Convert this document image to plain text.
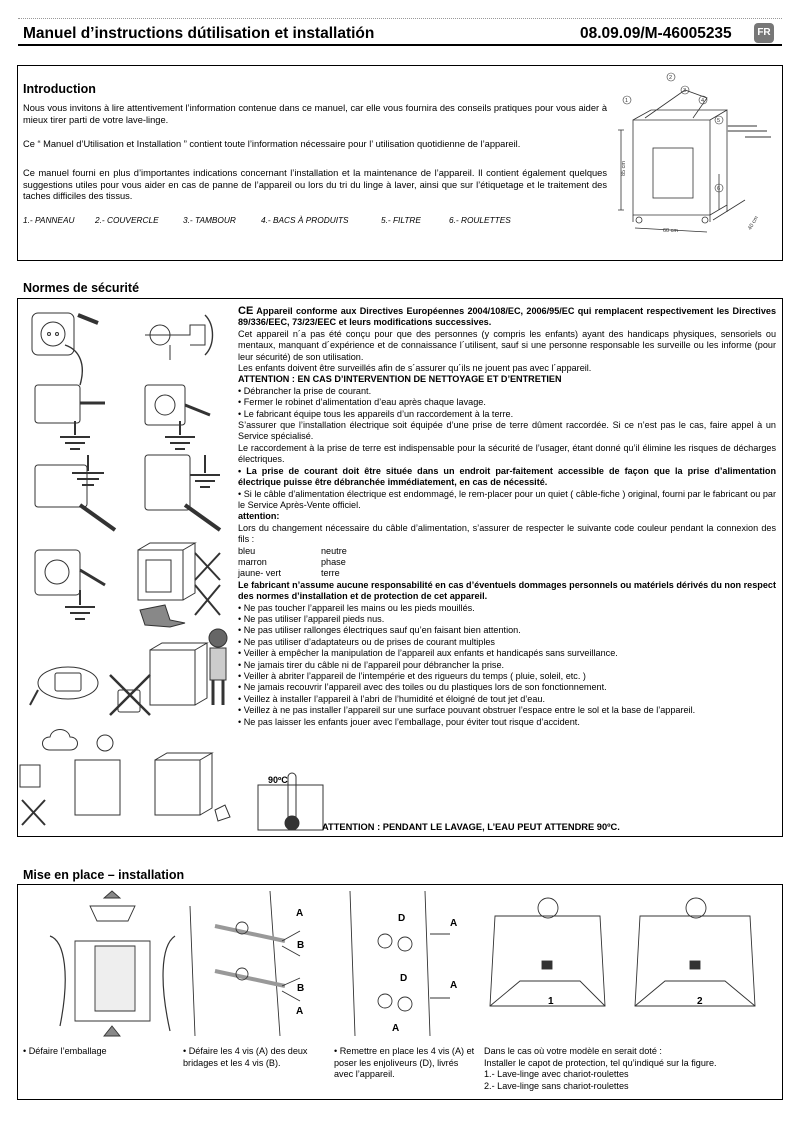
Manuel d’instructions dútilisation et installatión	08.09.09/M-46005235	FR
Introduction
Nous vous invitons à lire attentivement l’information contenue dans ce manuel, car elle vous fournira des conseils pratiques pour vous aider à mieux tirer parti de votre lave-linge.
Ce “ Manuel d’Utilisation et Installation ” contient toute l’information nécessaire pour l’ utilisation quotidienne de l’appareil.
Ce manuel fourni en plus d’importantes indications concernant l’installation et la maintenance de l’appareil. Il contient également quelques suggestions utiles pour vous aider en cas de panne de l’appareil ou lors du tri du linge à laver, ainsi que sur l’étiquetage et le traitement des taches difficiles des tissus.
1.- PANNEAU 2.- COUVERCLE	3.- TAMBOUR	4.- BACS À PRODUITS	5.- FILTRE	6.- ROULETTES
1
2
3
4
5
6
85 cm
60 cm	40 cm
Normes de sécurité
90ºC

CE Appareil conforme aux Directives Européennes 2004/108/EC, 2006/95/EC qui remplacent respectivement les Directives 89/336/EEC, 73/23/EEC et leurs modifications successives.

Cet appareil n´a pas été conçu pour que des personnes (y compris les enfants) ayant des handicaps physiques, sensoriels ou mentaux, manquant d´expérience et de connaissance l´utilisent, sauf si une personne responsable les surveille ou les informe (pour leur sécurité) de son utilisation.

Les enfants doivent être surveillés afin de s´assurer qu´ils ne jouent pas avec l´appareil.

ATTENTION : EN CAS D’INTERVENTION DE NETTOYAGE ET D’ENTRETIEN

• Débrancher la prise de courant.

• Fermer le robinet d’alimentation d’eau après chaque lavage.

• Le fabricant équipe tous les appareils d’un raccordement à la terre.

S’assurer que l’installation électrique soit équipée d’une prise de terre dûment raccordée. Si ce n’est pas le cas, faire appel à un Service spécialisé.

Le raccordement à la prise de terre est indispensable pour la sécurité de l’usager, étant donné qu’il élimine les risques de décharges électriques.

• La prise de courant doit être située dans un endroit par-faitement accessible de façon que la prise d’alimentation électrique puisse être débranchée immédiatement, en cas de nécessité.

• Si le câble d’alimentation électrique est endommagé, le rem-placer pour un quiet ( câble-fiche ) original, fourni par le fabricant ou par le Service Après-Vente officiel.

attention:

Lors du changement nécessaire du câble d’alimentation, s’assurer de respecter le suivante code couleur pendant la connexion des fils :

bleu	neutre
marron	phase
jaune- vert	terre

Le fabricant n’assume aucune responsabilité en cas d’éventuels dommages personnels ou matériels dérivés du non respect des normes d’installation et de protection de cet appareil.

• Ne pas toucher l’appareil les mains ou les pieds mouillés.

• Ne pas utiliser l’appareil pieds nus.

• Ne pas utiliser rallonges électriques sauf qu’en faisant bien attention.

• Ne pas utiliser d’adaptateurs ou de prises de courant multiples

• Veiller à empêcher la manipulation de l’appareil aux enfants et handicapés sans surveillance.

• Ne jamais tirer du câble ni de l’appareil pour débrancher la prise.

• Veiller à abriter l’appareil de l’intempérie et des rigueurs du temps ( pluie, soleil, etc. )

• Ne jamais recouvrir l’appareil avec des toiles ou du plastiques lors de son fonctionnement.

• Veillez à installer l’appareil à l’abri de l’humidité et éloigné de tout jet d’eau.

• Veillez à ne pas installer l’appareil sur une surface pouvant obstruer l’espace entre le sol et la base de l’appareil.

• Ne pas laisser les enfants jouer avec l’emballage, pour éviter tout risque d’accident.

ATTENTION : PENDANT LE LAVAGE, L’EAU PEUT ATTENDRE 90ºC.
Mise en place – installation
A
A
B
B
D
D
A
A
A
1	2
• Défaire l’emballage	• Défaire les 4 vis (A) des deux bridages et les 4 vis (B).
• Remettre en place les 4 vis (A) et poser les enjoliveurs (D), livrés avec l’appareil.
Dans le cas où votre modèle en serait doté :
Installer le capot de protection, tel qu’indiqué sur la figure.
1.- Lave-linge avec chariot-roulettes
2.- Lave-linge sans chariot-roulettes
